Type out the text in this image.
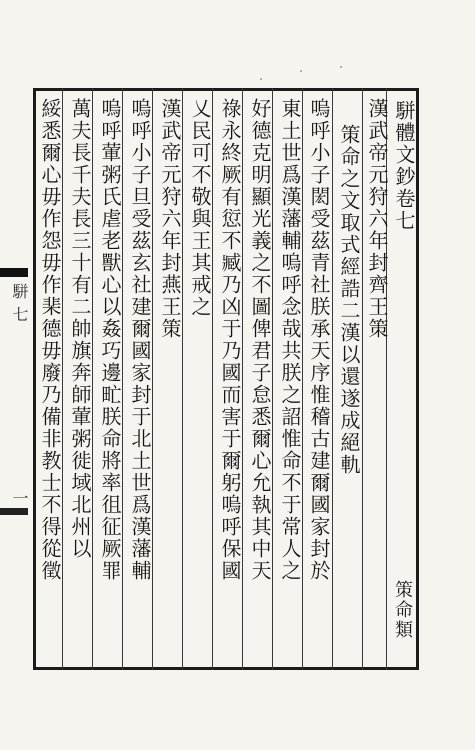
駢體文鈔卷七
漢武帝元狩六年封齊王策
策命之文取式經誥二漢以還遂成絕軌
嗚呼小子閎受茲青社朕承天序惟稽古建爾國家封於
東土世爲漢藩輔嗚呼念哉共朕之詔惟命不于常人之
好德克明顯光義之不圖俾君子怠悉爾心允執其中天
祿永終厥有愆不臧乃凶于乃國而害于爾躬嗚呼保國
乂民可不敬與王其戒之
漢武帝元狩六年封燕王策
嗚呼小子旦受茲玄社建爾國家封于北土世爲漢藩輔
嗚呼葷粥氏虐老獸心以姦巧邊甿朕命將率徂征厥罪
萬夫長千夫長三十有二帥旗奔師葷粥徙域北州以
綏悉爾心毋作怨毋作棐德毋廢乃備非教士不得從徵
策命類
駢
七
一
